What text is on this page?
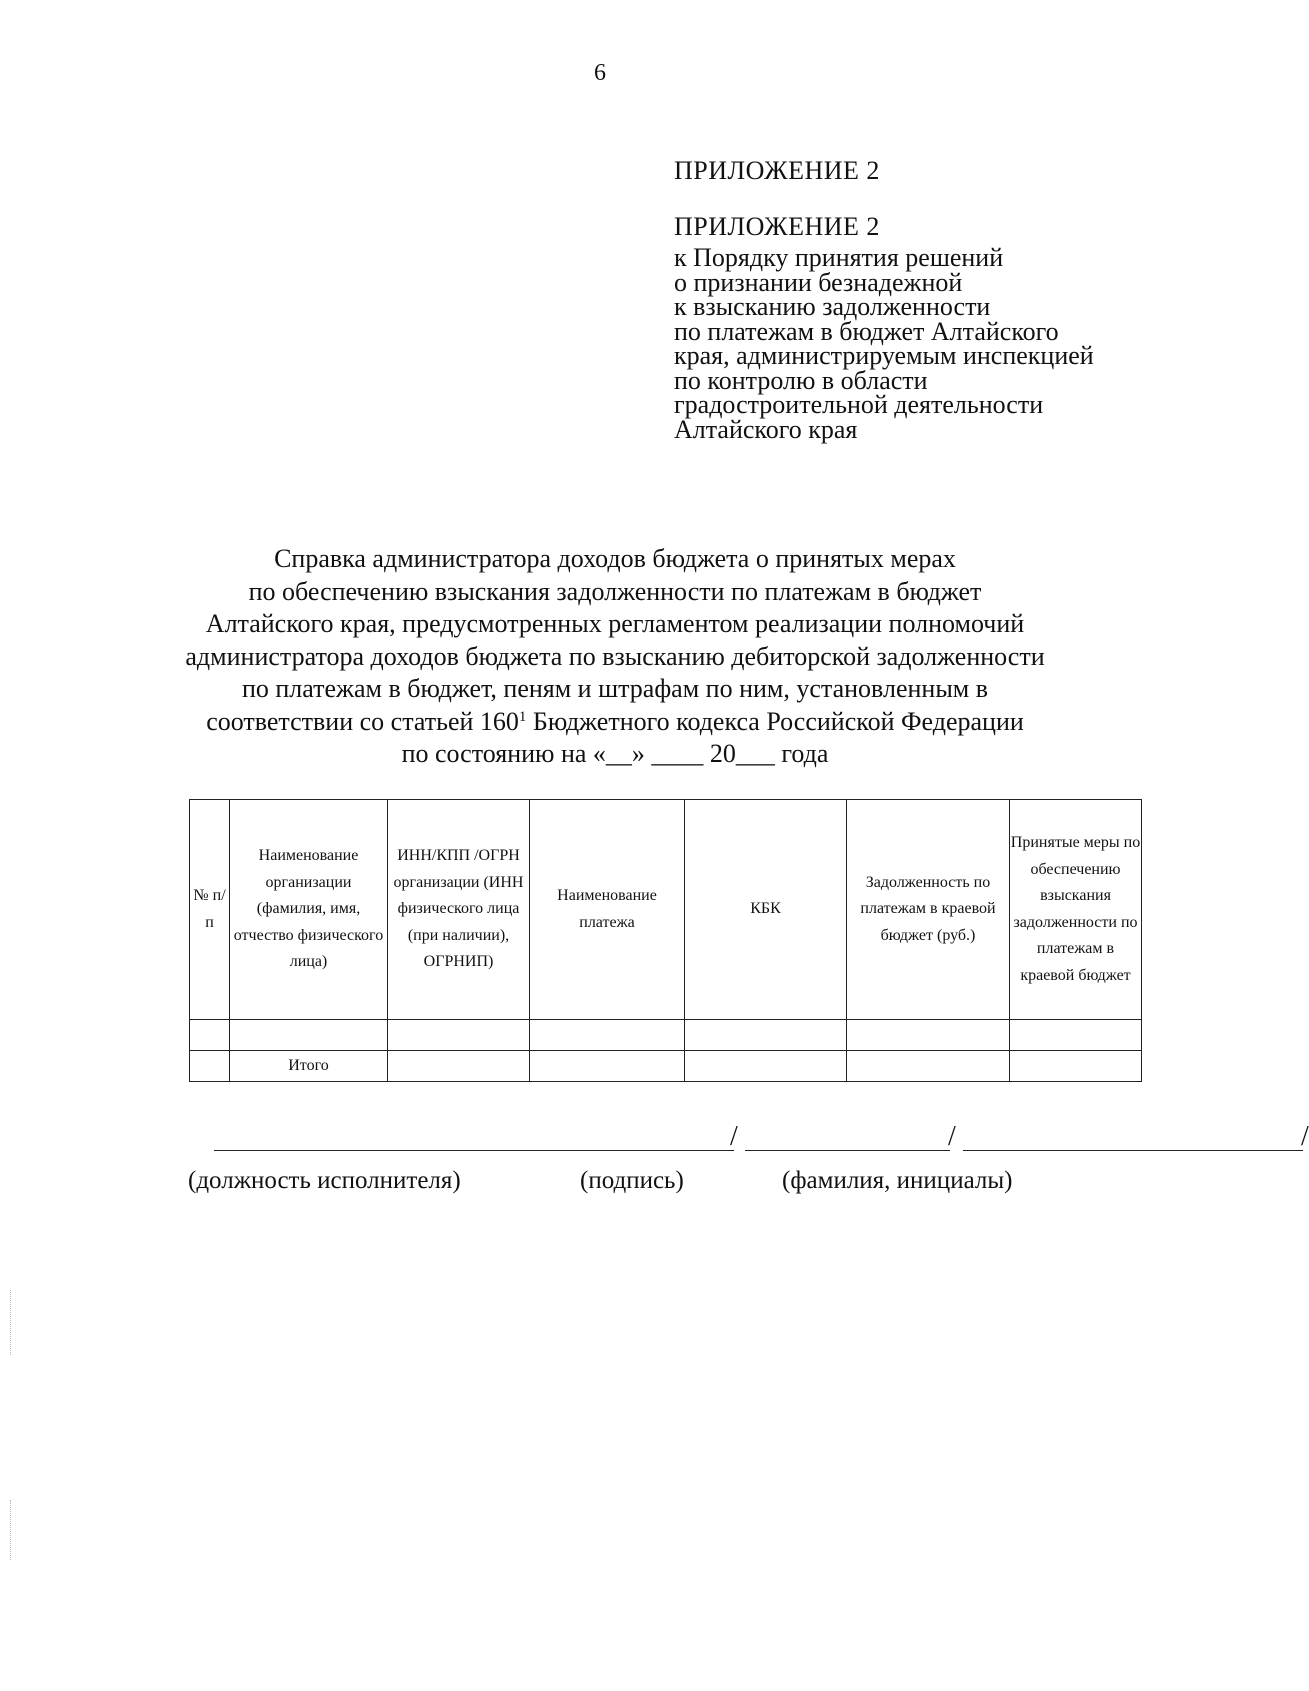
6
ПРИЛОЖЕНИЕ 2
ПРИЛОЖЕНИЕ 2
к Порядку принятия решений
о признании безнадежной
к взысканию задолженности
по платежам в бюджет Алтайского
края, администрируемым инспекцией
по контролю в области
градостроительной деятельности
Алтайского края
Справка администратора доходов бюджета о принятых мерах
по обеспечению взыскания задолженности по платежам в бюджет
Алтайского края, предусмотренных регламентом реализации полномочий
администратора доходов бюджета по взысканию дебиторской задолженности
по платежам в бюджет, пеням и штрафам по ним, установленным в
соответствии со статьей $160^1$ Бюджетного кодекса Российской Федерации
по состоянию на «__» ____ 20___ года
№ п/п	Наименование организации (фамилия, имя, отчество физического лица)	ИНН/КПП /ОГРН организации (ИНН физического лица (при наличии), ОГРНИП)	Наименование платежа	КБК	Задолженность по платежам в краевой бюджет (руб.)	Принятые меры по обеспечению взыскания задолженности по платежам в краевой бюджет

	Итого					
/	/	/
(должность исполнителя)	(подпись)	(фамилия, инициалы)
